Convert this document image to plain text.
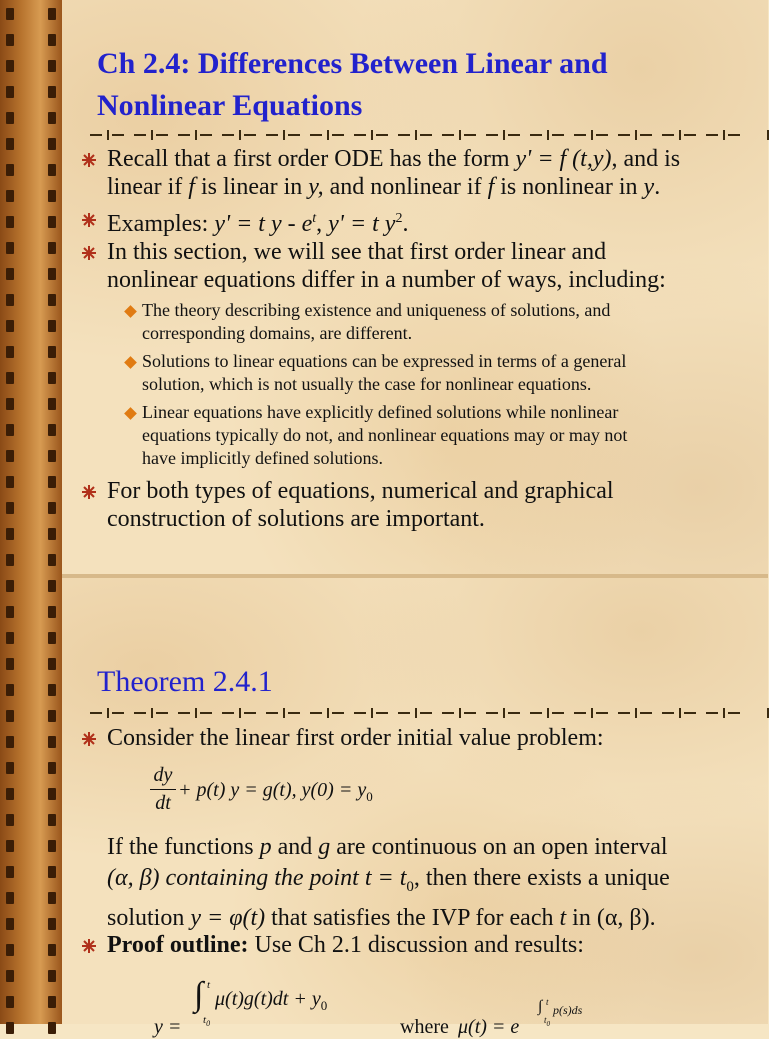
Ch 2.4: Differences Between Linear and
Nonlinear Equations
Recall that a first order ODE has the form y' = f (t,y), and is
linear if f is linear in y, and nonlinear if f is nonlinear in y.
Examples: y' = t y - $e^t$, y' = t $y^2$.
In this section, we will see that first order linear and
nonlinear equations differ in a number of ways, including:
The theory describing existence and uniqueness of solutions, and
corresponding domains, are different.
Solutions to linear equations can be expressed in terms of a general
solution, which is not usually the case for nonlinear equations.
Linear equations have explicitly defined solutions while nonlinear
equations typically do not, and nonlinear equations may or may not
have implicitly defined solutions.
For both types of equations, numerical and graphical
construction of solutions are important.
Theorem 2.4.1
Consider the linear first order initial value problem:
dy
dt
+ p(t) y = g(t), $y(0) = y_0$
If the functions p and g are continuous on an open interval
(α, β) containing the point $t = t_0$, then there exists a unique
solution y = φ(t) that satisfies the IVP for each t in (α, β).
Proof outline: Use Ch 2.1 discussion and results:
∫ t
$t_0$
$\mu(t)g(t)dt + y_0$
y =	where μ(t) = e
∫ t
p(s)ds
$t_0$
